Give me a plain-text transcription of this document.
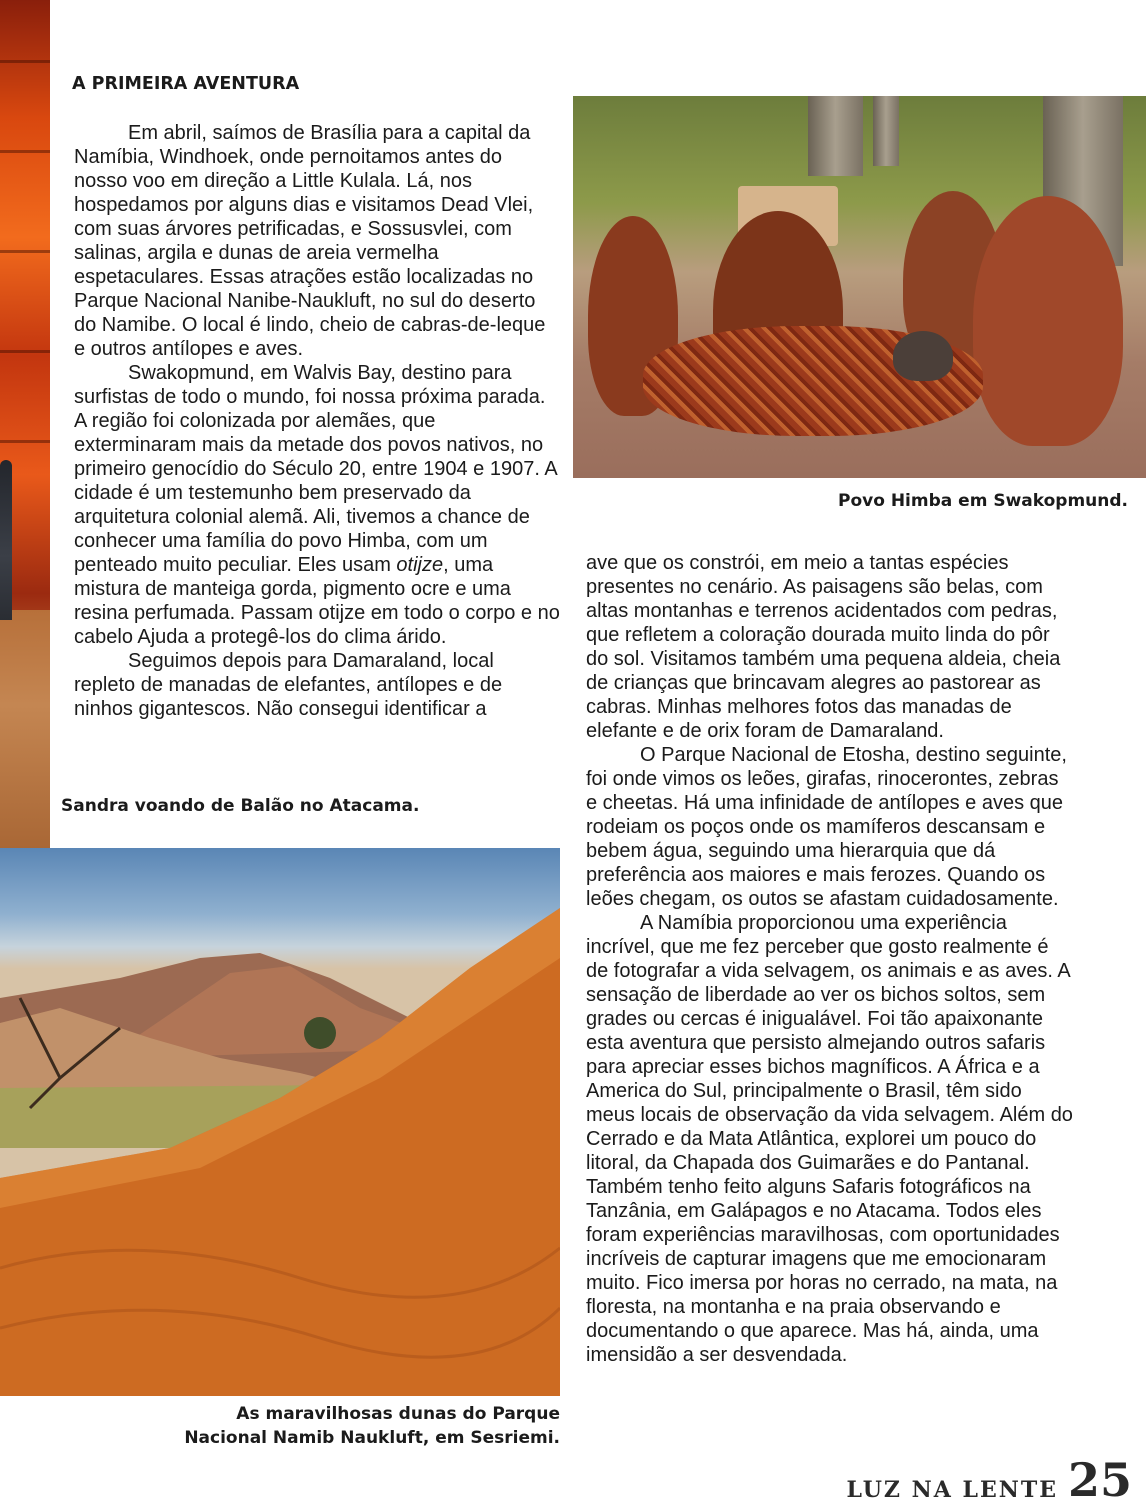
A PRIMEIRA AVENTURA

Em abril, saímos de Brasília para a capital da Namíbia, Windhoek, onde pernoitamos antes do nosso voo em direção a Little Kulala. Lá, nos hospedamos por alguns dias e visitamos Dead Vlei, com suas árvores petrificadas, e Sossusvlei, com salinas, argila e dunas de areia vermelha espetaculares. Essas atrações estão localizadas no Parque Nacional Nanibe-Naukluft, no sul do deserto do Namibe. O local é lindo, cheio de cabras-de-leque e outros antílopes e aves.

Swakopmund, em Walvis Bay, destino para surfistas de todo o mundo, foi nossa próxima parada. A região foi colonizada por alemães, que exterminaram mais da metade dos povos nativos, no primeiro genocídio do Século 20, entre 1904 e 1907. A cidade é um testemunho bem preservado da arquitetura colonial alemã. Ali, tivemos a chance de conhecer uma família do povo Himba, com um penteado muito peculiar. Eles usam otijze, uma mistura de manteiga gorda, pigmento ocre e uma resina perfumada. Passam otijze em todo o corpo e no cabelo Ajuda a protegê-los do clima árido.

Seguimos depois para Damaraland, local repleto de manadas de elefantes, antílopes e de ninhos gigantescos. Não consegui identificar a

ave que os constrói, em meio a tantas espécies presentes no cenário. As paisagens são belas, com altas montanhas e terrenos acidentados com pedras, que refletem a coloração dourada muito linda do pôr do sol. Visitamos também uma pequena aldeia, cheia de crianças que brincavam alegres ao pastorear as cabras. Minhas melhores fotos das manadas de elefante e de orix foram de Damaraland.

O Parque Nacional de Etosha, destino seguinte, foi onde vimos os leões, girafas, rinocerontes, zebras e cheetas. Há uma infinidade de antílopes e aves que rodeiam os poços onde os mamíferos descansam e bebem água, seguindo uma hierarquia que dá preferência aos maiores e mais ferozes. Quando os leões chegam, os outos se afastam cuidadosamente.

A Namíbia proporcionou uma experiência incrível, que me fez perceber que gosto realmente é de fotografar a vida selvagem, os animais e as aves. A sensação de liberdade ao ver os bichos soltos, sem grades ou cercas é inigualável. Foi tão apaixonante esta aventura que persisto almejando outros safaris para apreciar esses bichos magníficos. A África e a America do Sul, principalmente o Brasil, têm sido meus locais de observação da vida selvagem. Além do Cerrado e da Mata Atlântica, explorei um pouco do litoral, da Chapada dos Guimarães e do Pantanal. Também tenho feito alguns Safaris fotográficos na Tanzânia, em Galápagos e no Atacama. Todos eles foram experiências maravilhosas, com oportunidades incríveis de capturar imagens que me emocionaram muito. Fico imersa por horas no cerrado, na mata, na floresta, na montanha e na praia observando e documentando o que aparece. Mas há, ainda, uma imensidão a ser desvendada.

Povo Himba em Swakopmund.

Sandra voando de Balão no Atacama.

As maravilhosas dunas do Parque
Nacional Namib Naukluft, em Sesriemi.

LUZ NA LENTE 25
